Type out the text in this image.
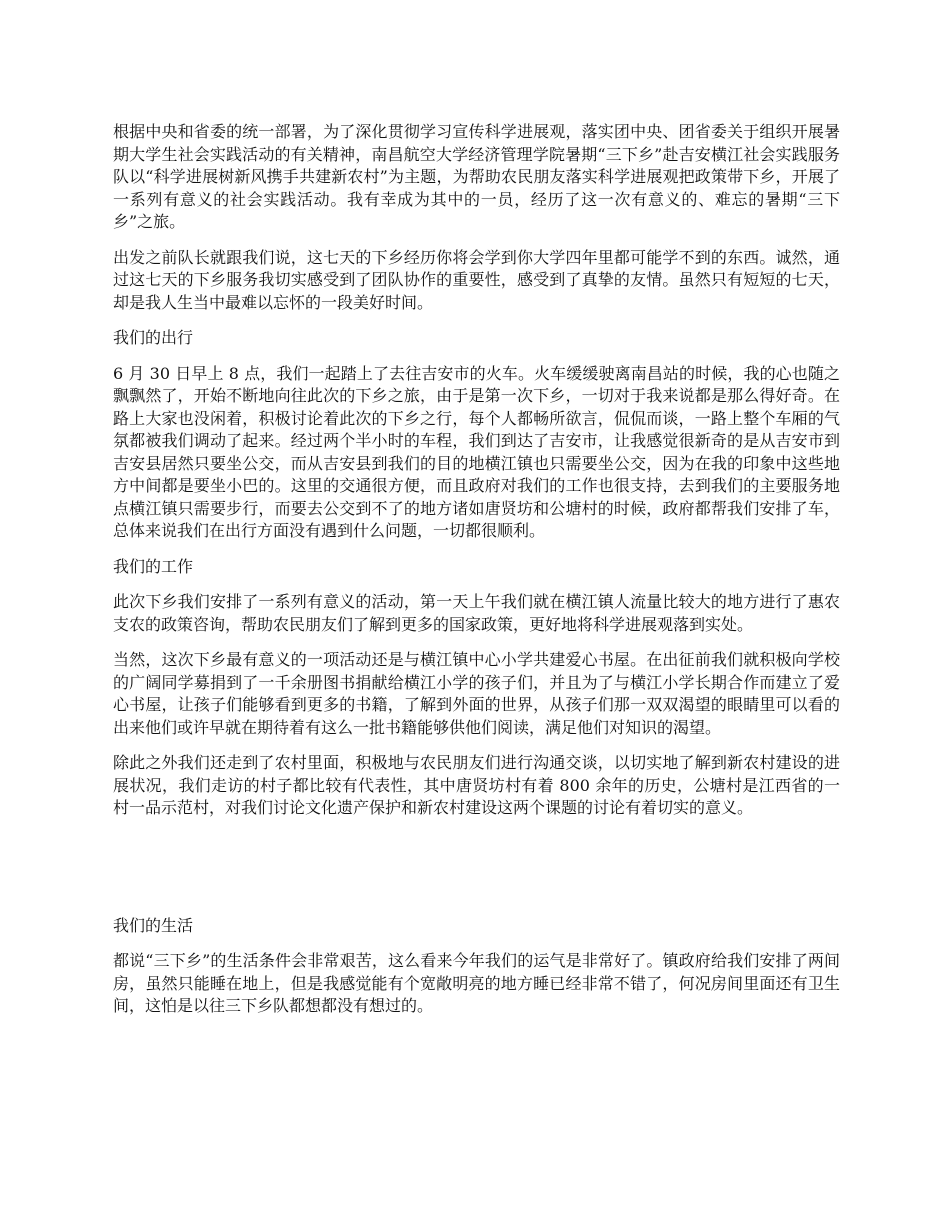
根据中央和省委的统一部署，为了深化贯彻学习宣传科学进展观，落实团中央、团省委关于组织开展暑期大学生社会实践活动的有关精神，南昌航空大学经济管理学院暑期“三下乡”赴吉安横江社会实践服务队以“科学进展树新风携手共建新农村”为主题，为帮助农民朋友落实科学进展观把政策带下乡，开展了一系列有意义的社会实践活动。我有幸成为其中的一员，经历了这一次有意义的、难忘的暑期“三下乡”之旅。

出发之前队长就跟我们说，这七天的下乡经历你将会学到你大学四年里都可能学不到的东西。诚然，通过这七天的下乡服务我切实感受到了团队协作的重要性，感受到了真挚的友情。虽然只有短短的七天，却是我人生当中最难以忘怀的一段美好时间。

我们的出行

6 月 30 日早上 8 点，我们一起踏上了去往吉安市的火车。火车缓缓驶离南昌站的时候，我的心也随之飘飘然了，开始不断地向往此次的下乡之旅，由于是第一次下乡，一切对于我来说都是那么得好奇。在路上大家也没闲着，积极讨论着此次的下乡之行，每个人都畅所欲言，侃侃而谈，一路上整个车厢的气氛都被我们调动了起来。经过两个半小时的车程，我们到达了吉安市，让我感觉很新奇的是从吉安市到吉安县居然只要坐公交，而从吉安县到我们的目的地横江镇也只需要坐公交，因为在我的印象中这些地方中间都是要坐小巴的。这里的交通很方便，而且政府对我们的工作也很支持，去到我们的主要服务地点横江镇只需要步行，而要去公交到不了的地方诸如唐贤坊和公塘村的时候，政府都帮我们安排了车，总体来说我们在出行方面没有遇到什么问题，一切都很顺利。

我们的工作

此次下乡我们安排了一系列有意义的活动，第一天上午我们就在横江镇人流量比较大的地方进行了惠农支农的政策咨询，帮助农民朋友们了解到更多的国家政策，更好地将科学进展观落到实处。

当然，这次下乡最有意义的一项活动还是与横江镇中心小学共建爱心书屋。在出征前我们就积极向学校的广阔同学募捐到了一千余册图书捐献给横江小学的孩子们，并且为了与横江小学长期合作而建立了爱心书屋，让孩子们能够看到更多的书籍，了解到外面的世界，从孩子们那一双双渴望的眼睛里可以看的出来他们或许早就在期待着有这么一批书籍能够供他们阅读，满足他们对知识的渴望。

除此之外我们还走到了农村里面，积极地与农民朋友们进行沟通交谈，以切实地了解到新农村建设的进展状况，我们走访的村子都比较有代表性，其中唐贤坊村有着 800 余年的历史，公塘村是江西省的一村一品示范村，对我们讨论文化遗产保护和新农村建设这两个课题的讨论有着切实的意义。

我们的生活

都说“三下乡”的生活条件会非常艰苦，这么看来今年我们的运气是非常好了。镇政府给我们安排了两间房，虽然只能睡在地上，但是我感觉能有个宽敞明亮的地方睡已经非常不错了，何况房间里面还有卫生间，这怕是以往三下乡队都想都没有想过的。
